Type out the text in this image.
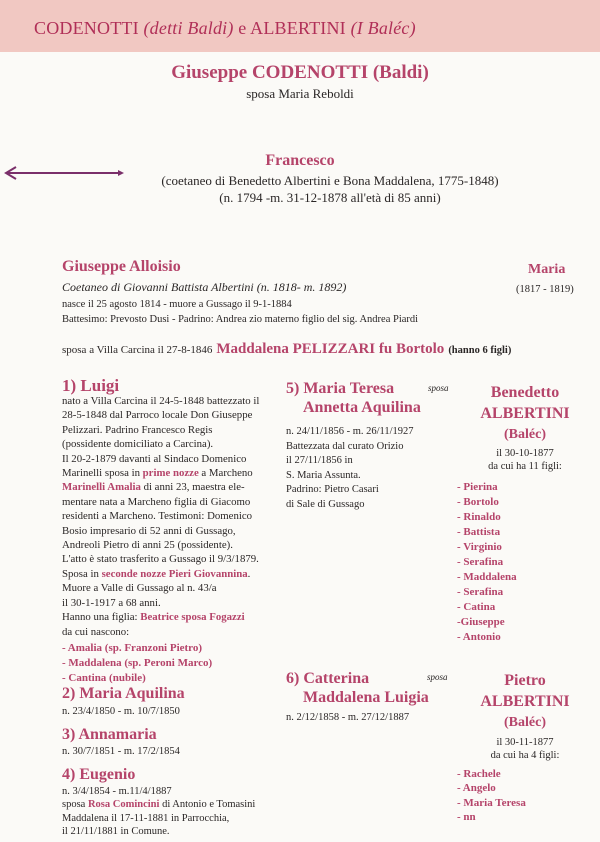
CODENOTTI (detti Baldi) e ALBERTINI (I Baléc)
Giuseppe CODENOTTI (Baldi)
sposa Maria Reboldi
Francesco
(coetaneo di Benedetto Albertini e Bona Maddalena, 1775-1848)
(n. 1794 -m. 31-12-1878 all'età di 85 anni)
Giuseppe Alloisio
Coetaneo di Giovanni Battista Albertini (n. 1818- m. 1892)
nasce il 25 agosto 1814 - muore a Gussago il 9-1-1884
Battesimo: Prevosto Dusi - Padrino: Andrea zio materno figlio del sig. Andrea Piardi
Maria
(1817 - 1819)
sposa a Villa Carcina il 27-8-1846 Maddalena PELIZZARI fu Bortolo (hanno 6 figli)
1) Luigi
nato a Villa Carcina il 24-5-1848 battezzato il
28-5-1848 dal Parroco locale Don Giuseppe
Pelizzari. Padrino Francesco Regis
(possidente domiciliato a Carcina).
Il 20-2-1879 davanti al Sindaco Domenico
Marinelli sposa in prime nozze a Marcheno
Marinelli Amalia di anni 23, maestra ele-
mentare nata a Marcheno figlia di Giacomo
residenti a Marcheno. Testimoni: Domenico
Bosio impresario di 52 anni di Gussago,
Andreoli Pietro di anni 25 (possidente).
L'atto è stato trasferito a Gussago il 9/3/1879.
Sposa in seconde nozze Pieri Giovannina.
Muore a Valle di Gussago al n. 43/a
il 30-1-1917 a 68 anni.
Hanno una figlia: Beatrice sposa Fogazzi
da cui nascono:
- Amalia (sp. Franzoni Pietro)
- Maddalena (sp. Peroni Marco)
- Cantina (nubile)
2) Maria Aquilina
n. 23/4/1850 - m. 10/7/1850
3) Annamaria
n. 30/7/1851 - m. 17/2/1854
4) Eugenio
n. 3/4/1854 - m.11/4/1887
sposa Rosa Comincini di Antonio e Tomasini
Maddalena il 17-11-1881 in Parrocchia,
il 21/11/1881 in Comune.
5) Maria Teresa	sposa
Annetta Aquilina
n. 24/11/1856 - m. 26/11/1927
Battezzata dal curato Orizio
il 27/11/1856 in
S. Maria Assunta.
Padrino: Pietro Casari
di Sale di Gussago
Benedetto
ALBERTINI
(Baléc)
il 30-10-1877
da cui ha 11 figli:
- Pierina
- Bortolo
- Rinaldo
- Battista
- Virginio
- Serafina
- Maddalena
- Serafina
- Catina
-Giuseppe
- Antonio
6) Catterina	sposa
Maddalena Luigia
n. 2/12/1858 - m. 27/12/1887
Pietro
ALBERTINI
(Baléc)
il 30-11-1877
da cui ha 4 figli:
- Rachele
- Angelo
- Maria Teresa
- nn
